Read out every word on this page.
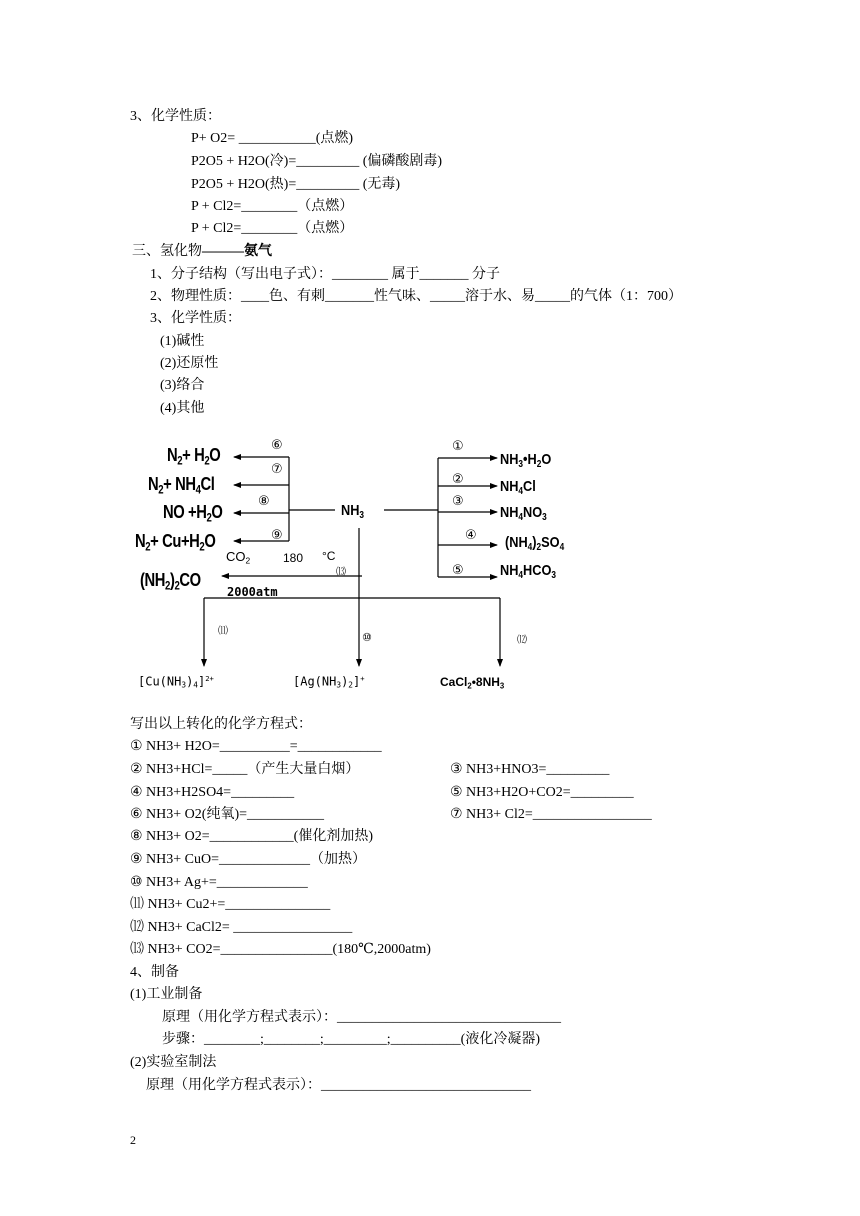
3、化学性质：
P+ O2= ___________(点燃)
P2O5 + H2O(冷)=_________ (偏磷酸剧毒)
P2O5 + H2O(热)=_________ (无毒)
P + Cl2=________（点燃）
P + Cl2=________（点燃）
三、氢化物———氨气
1、分子结构（写出电子式）：________ 属于_______ 分子
2、物理性质：____色、有刺_______性气味、_____溶于水、易_____的气体（1：700）
3、化学性质：
(1)碱性
(2)还原性
(3)络合
(4)其他
⑥
⑦
⑧
⑨
①
②
③
④
⑤
⒀
⑾	⑩	⑿
$NH_3$
$N_2+ H_2O$
$N_2+ NH_4Cl$
NO $+H_2O$
$N_2+ Cu+H_2O$
$CO_2$	180 °C
$(NH_2)_2CO$
2000atm
$NH_3•H_2O$
$NH_4Cl$
$NH_4NO_3$
$(NH_4)_2SO_4$
$NH_4HCO_3$
$[Cu(NH_3)_4]^{2+}$	$[Ag(NH_3)_2]^+$	$CaCl_2•8NH_3$
写出以上转化的化学方程式：
① NH3+ H2O=__________=____________
② NH3+HCl=_____（产生大量白烟）	③ NH3+HNO3=_________
④ NH3+H2SO4=_________	⑤ NH3+H2O+CO2=_________
⑥ NH3+ O2(纯氧)=___________	⑦ NH3+ Cl2=_________________
⑧ NH3+ O2=____________(催化剂加热)
⑨ NH3+ CuO=_____________（加热）
⑩ NH3+ Ag+=_____________
⑾ NH3+ Cu2+=_______________
⑿ NH3+ CaCl2= _________________
⒀ NH3+ CO2=________________(180℃,2000atm)
4、制备
(1)工业制备
原理（用化学方程式表示）：________________________________
步骤：________;________;_________;__________(液化冷凝器)
(2)实验室制法
原理（用化学方程式表示）：______________________________
2
